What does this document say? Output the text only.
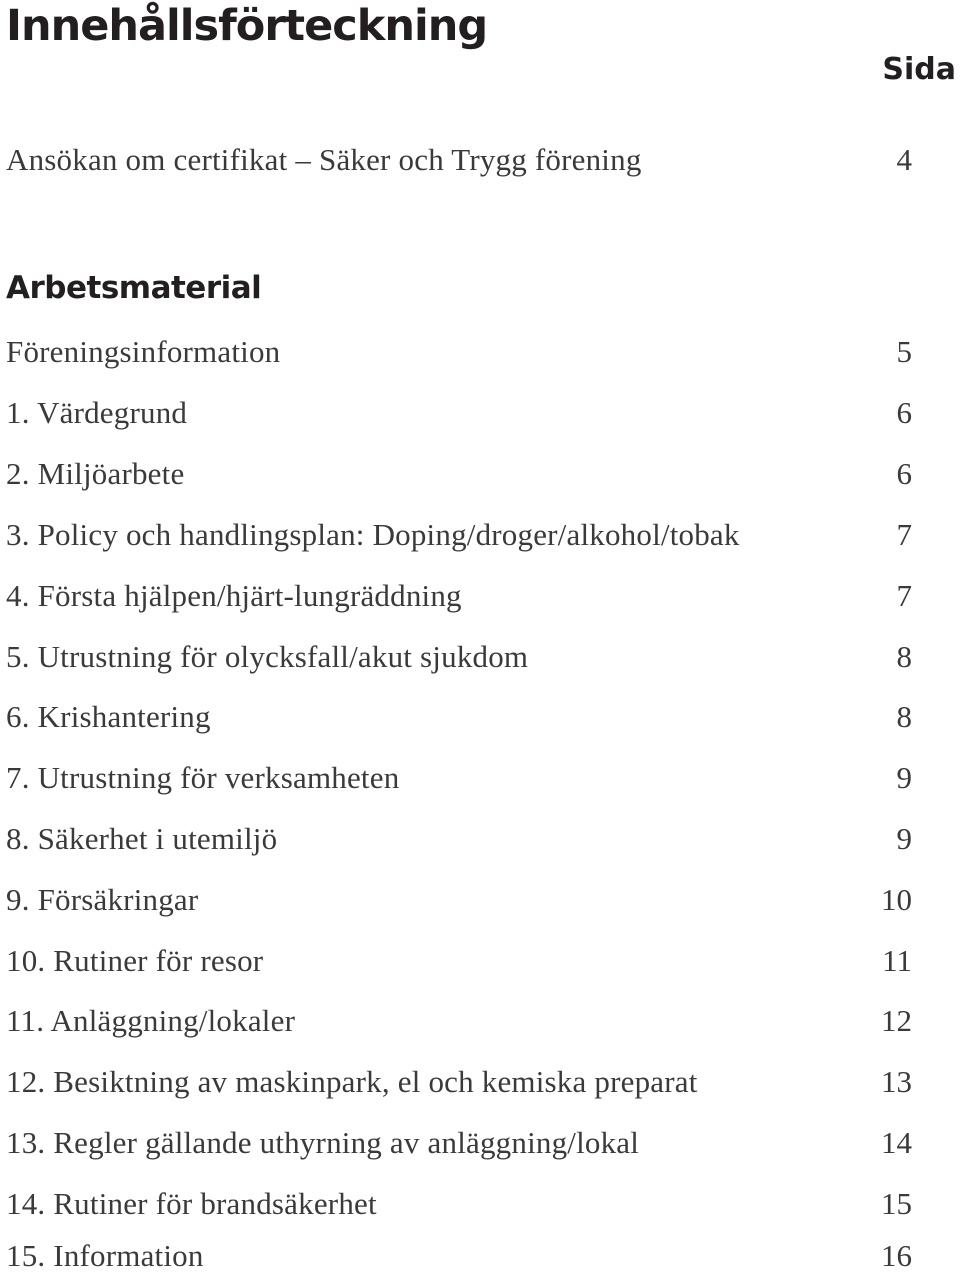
Innehållsförteckning
Sida
Ansökan om certifikat – Säker och Trygg förening	4
Arbetsmaterial
Föreningsinformation	5
1. Värdegrund	6
2. Miljöarbete	6
3. Policy och handlingsplan: Doping/droger/alkohol/tobak	7
4. Första hjälpen/hjärt-lungräddning	7
5. Utrustning för olycksfall/akut sjukdom	8
6. Krishantering	8
7. Utrustning för verksamheten	9
8. Säkerhet i utemiljö	9
9. Försäkringar	10
10. Rutiner för resor	11
11. Anläggning/lokaler	12
12. Besiktning av maskinpark, el och kemiska preparat	13
13. Regler gällande uthyrning av anläggning/lokal	14
14. Rutiner för brandsäkerhet	15
15. Information	16
